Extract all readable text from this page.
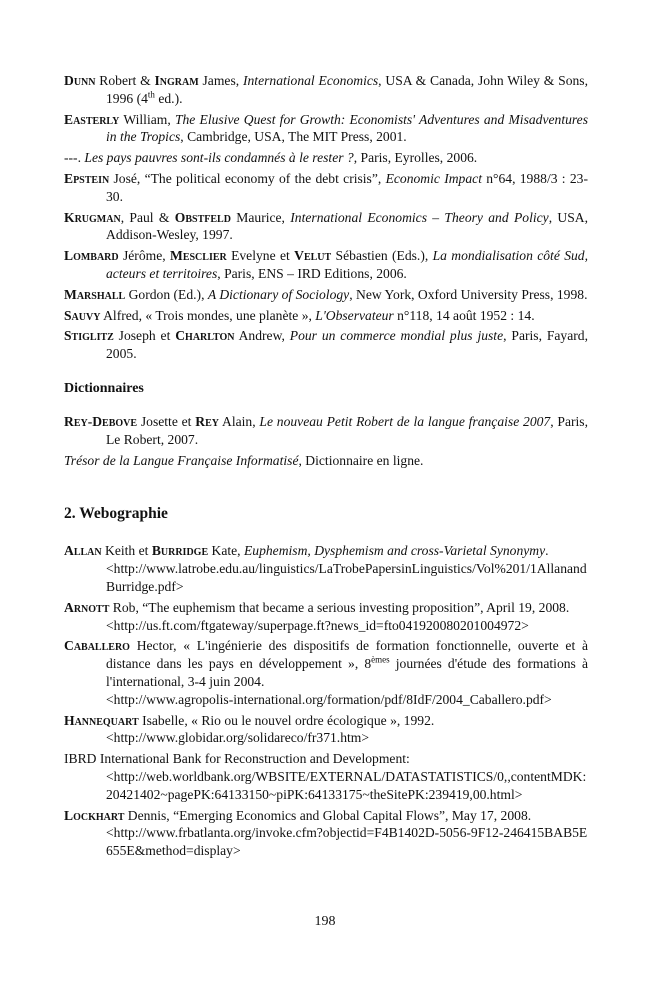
Dunn Robert & Ingram James, International Economics, USA & Canada, John Wiley & Sons, 1996 (4th ed.).

Easterly William, The Elusive Quest for Growth: Economists' Adventures and Misadventures in the Tropics, Cambridge, USA, The MIT Press, 2001.

---. Les pays pauvres sont-ils condamnés à le rester ?, Paris, Eyrolles, 2006.

Epstein José, “The political economy of the debt crisis”, Economic Impact n°64, 1988/3 : 23-30.

Krugman, Paul & Obstfeld Maurice, International Economics – Theory and Policy, USA, Addison-Wesley, 1997.

Lombard Jérôme, Mesclier Evelyne et Velut Sébastien (Eds.), La mondialisation côté Sud, acteurs et territoires, Paris, ENS – IRD Editions, 2006.

Marshall Gordon (Ed.), A Dictionary of Sociology, New York, Oxford University Press, 1998.

Sauvy Alfred, « Trois mondes, une planète », L'Observateur n°118, 14 août 1952 : 14.

Stiglitz Joseph et Charlton Andrew, Pour un commerce mondial plus juste, Paris, Fayard, 2005.

Dictionnaires

Rey-Debove Josette et Rey Alain, Le nouveau Petit Robert de la langue française 2007, Paris, Le Robert, 2007.

Trésor de la Langue Française Informatisé, Dictionnaire en ligne.

2. Webographie

Allan Keith et Burridge Kate, Euphemism, Dysphemism and cross-Varietal Synonymy.
<http://www.latrobe.edu.au/linguistics/LaTrobePapersinLinguistics/Vol%201/1AllanandBurridge.pdf>

Arnott Rob, “The euphemism that became a serious investing proposition”, April 19, 2008.
<http://us.ft.com/ftgateway/superpage.ft?news_id=fto041920080201004972>

Caballero Hector, « L'ingénierie des dispositifs de formation fonctionnelle, ouverte et à distance dans les pays en développement », 8èmes journées d'étude des formations à l'international, 3-4 juin 2004.
<http://www.agropolis-international.org/formation/pdf/8IdF/2004_Caballero.pdf>

Hannequart Isabelle, « Rio ou le nouvel ordre écologique », 1992.
<http://www.globidar.org/solidareco/fr371.htm>

IBRD International Bank for Reconstruction and Development:
<http://web.worldbank.org/WBSITE/EXTERNAL/DATASTATISTICS/0,,contentMDK:20421402~pagePK:64133150~piPK:64133175~theSitePK:239419,00.html>

Lockhart Dennis, “Emerging Economics and Global Capital Flows”, May 17, 2008.
<http://www.frbatlanta.org/invoke.cfm?objectid=F4B1402D-5056-9F12-246415BAB5E655E&method=display>

198
